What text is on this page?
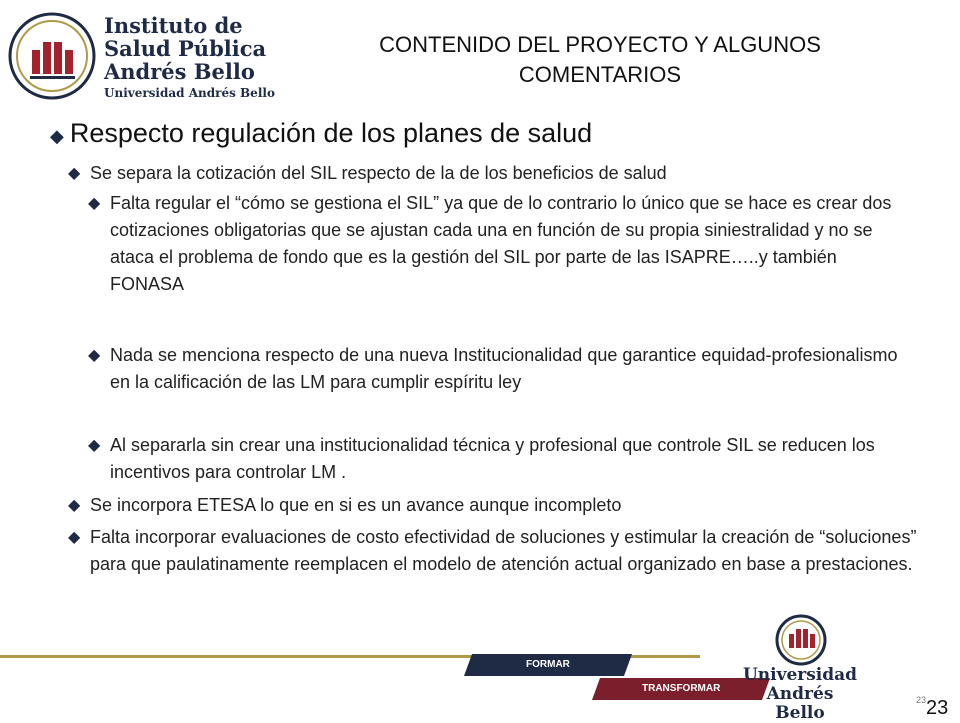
Instituto de
Salud Pública
Andrés Bello
Universidad Andrés Bello
CONTENIDO DEL PROYECTO Y ALGUNOS
COMENTARIOS
◆ Respecto regulación de los planes de salud
◆ Se separa la cotización del SIL respecto de la de los beneficios de salud
◆ Falta regular el “cómo se gestiona el SIL” ya que de lo contrario lo único que se hace es crear dos cotizaciones obligatorias que se ajustan cada una en función de su propia siniestralidad y no se ataca el problema de fondo que es la gestión del SIL por parte de las ISAPRE…..y también FONASA
◆ Nada se menciona respecto de una nueva Institucionalidad que garantice equidad-profesionalismo en la calificación de las LM para cumplir espíritu ley
◆ Al separarla sin crear una institucionalidad técnica y profesional que controle SIL se reducen los incentivos para controlar LM .
◆ Se incorpora ETESA lo que en si es un avance aunque incompleto
◆ Falta incorporar evaluaciones de costo efectividad de soluciones y estimular la creación de “soluciones” para que paulatinamente reemplacen el modelo de atención actual organizado en base a prestaciones.
FORMAR
TRANSFORMAR
Universidad
Andrés Bello
23 23
